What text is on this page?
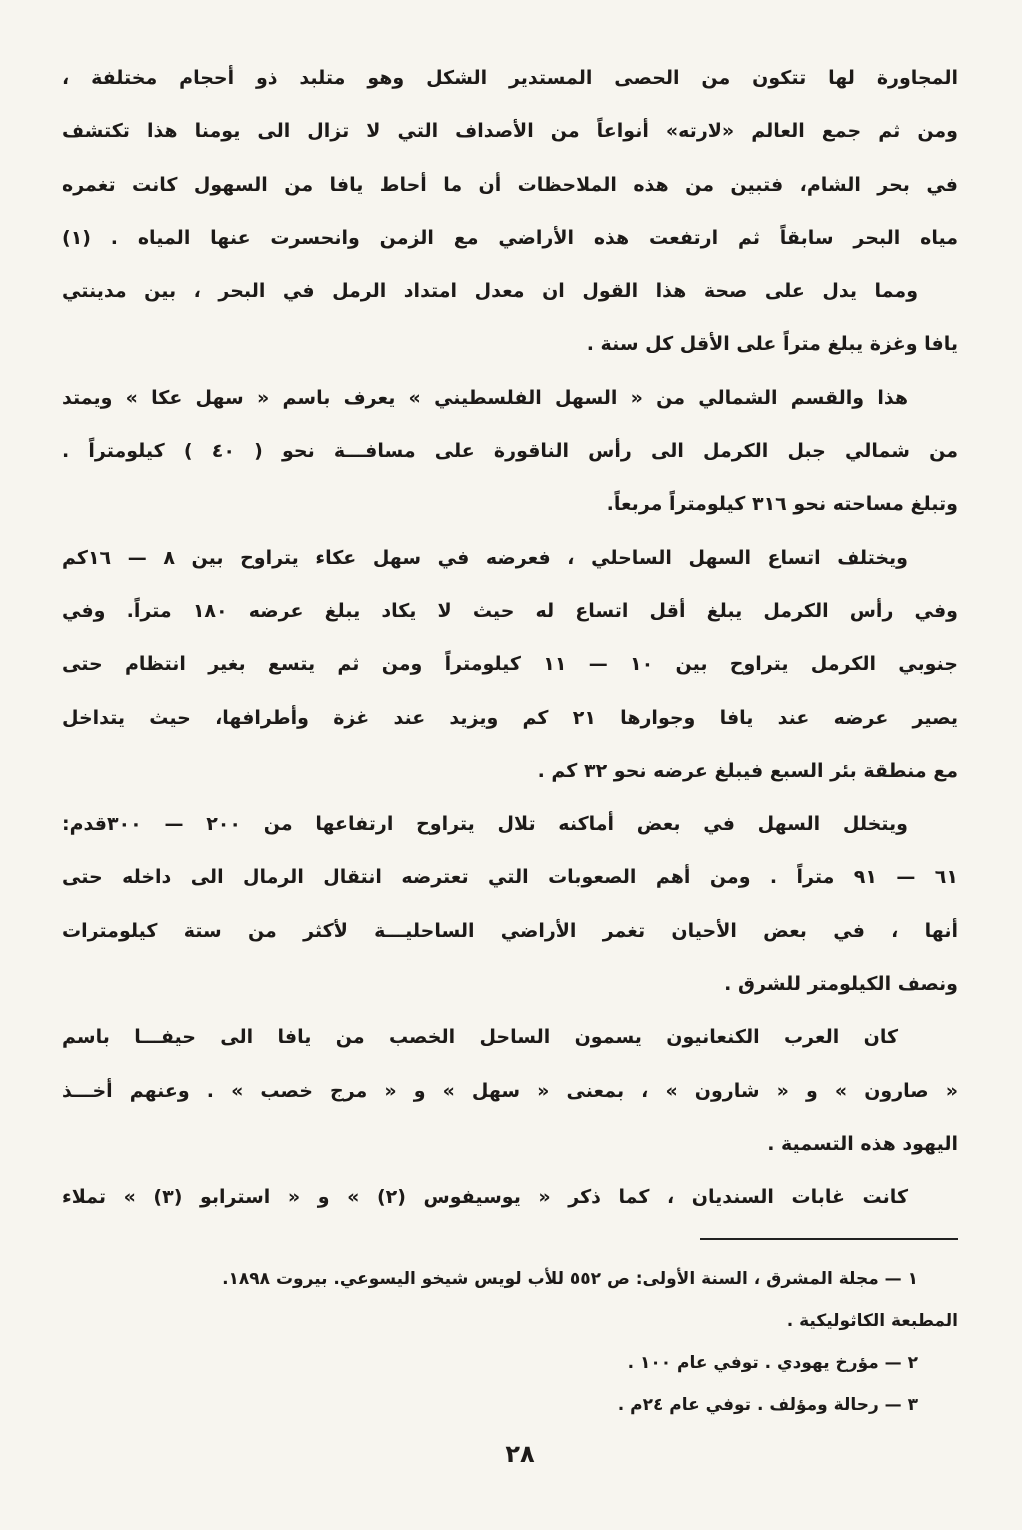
المجاورة لها تتكون من الحصى المستدير الشكل وهو متلبد ذو أحجام مختلفة ،
ومن ثم جمع العالم «لارته» أنواعاً من الأصداف التي لا تزال الى يومنا هذا تكتشف
في بحر الشام، فتبين من هذه الملاحظات أن ما أحاط يافا من السهول كانت تغمره
مياه البحر سابقاً ثم ارتفعت هذه الأراضي مع الزمن وانحسرت عنها المياه . (١)
ومما يدل على صحة هذا القول ان معدل امتداد الرمل في البحر ، بين مدينتي
يافا وغزة يبلغ متراً على الأقل كل سنة .
هذا والقسم الشمالي من « السهل الفلسطيني » يعرف باسم « سهل عكا » ويمتد
من شمالي جبل الكرمل الى رأس الناقورة على مسافـــة نحو ( ٤٠ ) كيلومتراً .
وتبلغ مساحته نحو ٣١٦ كيلومتراً مربعاً.
ويختلف اتساع السهل الساحلي ، فعرضه في سهل عكاء يتراوح بين ٨ — ١٦كم
وفي رأس الكرمل يبلغ أقل اتساع له حيث لا يكاد يبلغ عرضه ١٨٠ متراً. وفي
جنوبي الكرمل يتراوح بين ١٠ — ١١ كيلومتراً ومن ثم يتسع بغير انتظام حتى
يصير عرضه عند يافا وجوارها ٢١ كم ويزيد عند غزة وأطرافها، حيث يتداخل
مع منطقة بئر السبع فيبلغ عرضه نحو ٣٢ كم .
ويتخلل السهل في بعض أماكنه تلال يتراوح ارتفاعها من ٢٠٠ — ٣٠٠قدم:
٦١ — ٩١ متراً . ومن أهم الصعوبات التي تعترضه انتقال الرمال الى داخله حتى
أنها ، في بعض الأحيان تغمر الأراضي الساحليـــة لأكثر من ستة كيلومترات
ونصف الكيلومتر للشرق .
كان العرب الكنعانيون يسمون الساحل الخصب من يافا الى حيفـــا باسم
« صارون » و « شارون » ، بمعنى « سهل » و « مرج خصب » . وعنهم أخـــذ
اليهود هذه التسمية .
كانت غابات السنديان ، كما ذكر « يوسيفوس (٢) » و « استرابو (٣) » تملاء
١ — مجلة المشرق ، السنة الأولى: ص ٥٥٢ للأب لويس شيخو اليسوعي. بيروت ١٨٩٨.
المطبعة الكاثوليكية .
٢ — مؤرخ يهودي . توفي عام ١٠٠ .
٣ — رحالة ومؤلف . توفي عام ٢٤م .
٢٨
